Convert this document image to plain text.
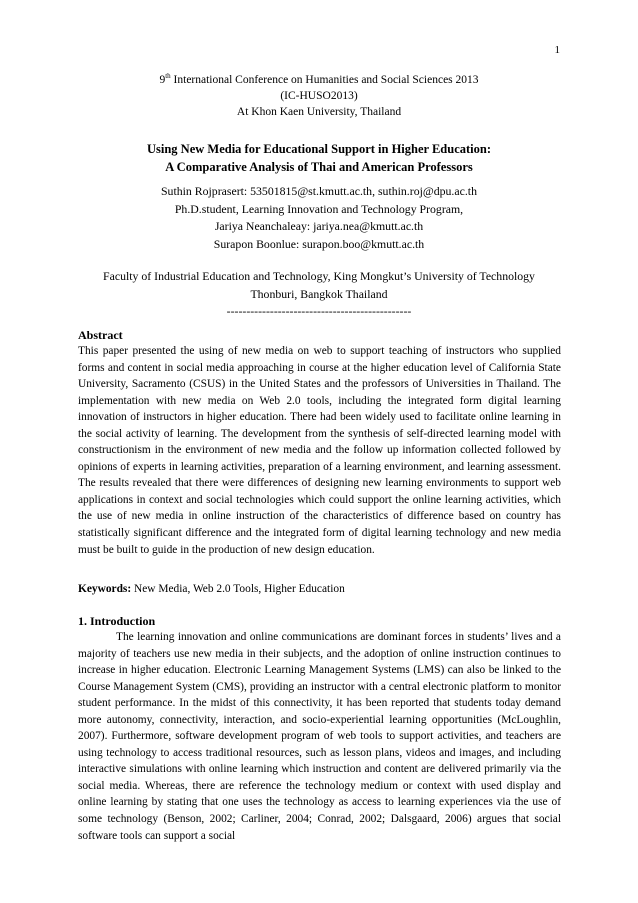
1
9th International Conference on Humanities and Social Sciences 2013
(IC-HUSO2013)
At Khon Kaen University, Thailand
Using New Media for Educational Support in Higher Education:
A Comparative Analysis of Thai and American Professors
Suthin Rojprasert: 53501815@st.kmutt.ac.th, suthin.roj@dpu.ac.th
Ph.D.student, Learning Innovation and Technology Program,
Jariya Neanchaleay: jariya.nea@kmutt.ac.th
Surapon Boonlue: surapon.boo@kmutt.ac.th
Faculty of Industrial Education and Technology, King Mongkut’s University of Technology
Thonburi, Bangkok Thailand
-----------------------------------------------
Abstract
This paper presented the using of new media on web to support teaching of instructors who supplied forms and content in social media approaching in course at the higher education level of California State University, Sacramento (CSUS) in the United States and the professors of Universities in Thailand. The implementation with new media on Web 2.0 tools, including the integrated form digital learning innovation of instructors in higher education. There had been widely used to facilitate online learning in the social activity of learning. The development from the synthesis of self-directed learning model with constructionism in the environment of new media and the follow up information collected followed by opinions of experts in learning activities, preparation of a learning environment, and learning assessment. The results revealed that there were differences of designing new learning environments to support web applications in context and social technologies which could support the online learning activities, which the use of new media in online instruction of the characteristics of difference based on country has statistically significant difference and the integrated form of digital learning technology and new media must be built to guide in the production of new design education.
Keywords: New Media, Web 2.0 Tools, Higher Education
1. Introduction
The learning innovation and online communications are dominant forces in students’ lives and a majority of teachers use new media in their subjects, and the adoption of online instruction continues to increase in higher education. Electronic Learning Management Systems (LMS) can also be linked to the Course Management System (CMS), providing an instructor with a central electronic platform to monitor student performance. In the midst of this connectivity, it has been reported that students today demand more autonomy, connectivity, interaction, and socio-experiential learning opportunities (McLoughlin, 2007). Furthermore, software development program of web tools to support activities, and teachers are using technology to access traditional resources, such as lesson plans, videos and images, and including interactive simulations with online learning which instruction and content are delivered primarily via the social media. Whereas, there are reference the technology medium or context with used display and online learning by stating that one uses the technology as access to learning experiences via the use of some technology (Benson, 2002; Carliner, 2004; Conrad, 2002; Dalsgaard, 2006) argues that social software tools can support a social
